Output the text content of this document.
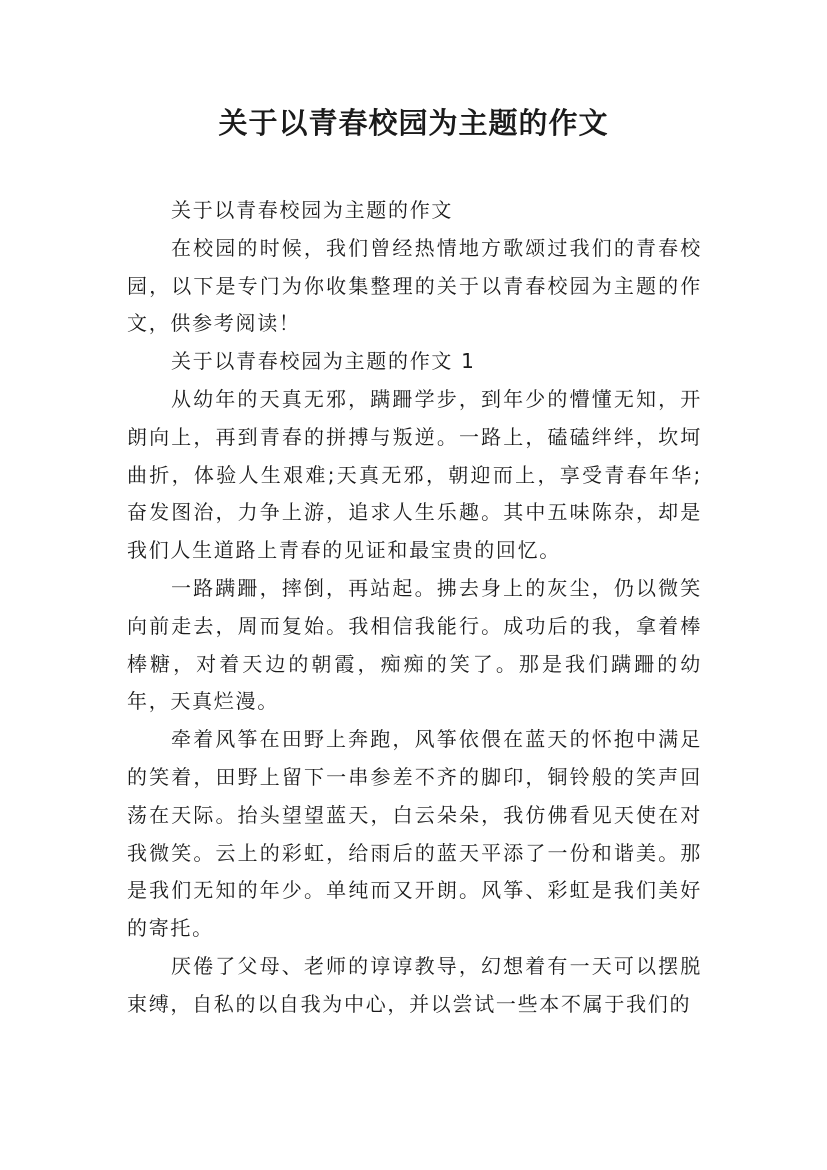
关于以青春校园为主题的作文

关于以青春校园为主题的作文

在校园的时候，我们曾经热情地方歌颂过我们的青春校园，以下是专门为你收集整理的关于以青春校园为主题的作文，供参考阅读！

关于以青春校园为主题的作文 1

从幼年的天真无邪，蹒跚学步，到年少的懵懂无知，开朗向上，再到青春的拼搏与叛逆。一路上，磕磕绊绊，坎坷曲折，体验人生艰难;天真无邪，朝迎而上，享受青春年华;奋发图治，力争上游，追求人生乐趣。其中五味陈杂，却是我们人生道路上青春的见证和最宝贵的回忆。

一路蹒跚，摔倒，再站起。拂去身上的灰尘，仍以微笑向前走去，周而复始。我相信我能行。成功后的我，拿着棒棒糖，对着天边的朝霞，痴痴的笑了。那是我们蹒跚的幼年，天真烂漫。

牵着风筝在田野上奔跑，风筝依偎在蓝天的怀抱中满足的笑着，田野上留下一串参差不齐的脚印，铜铃般的笑声回荡在天际。抬头望望蓝天，白云朵朵，我仿佛看见天使在对我微笑。云上的彩虹，给雨后的蓝天平添了一份和谐美。那是我们无知的年少。单纯而又开朗。风筝、彩虹是我们美好的寄托。

厌倦了父母、老师的谆谆教导，幻想着有一天可以摆脱束缚，自私的以自我为中心，并以尝试一些本不属于我们的
